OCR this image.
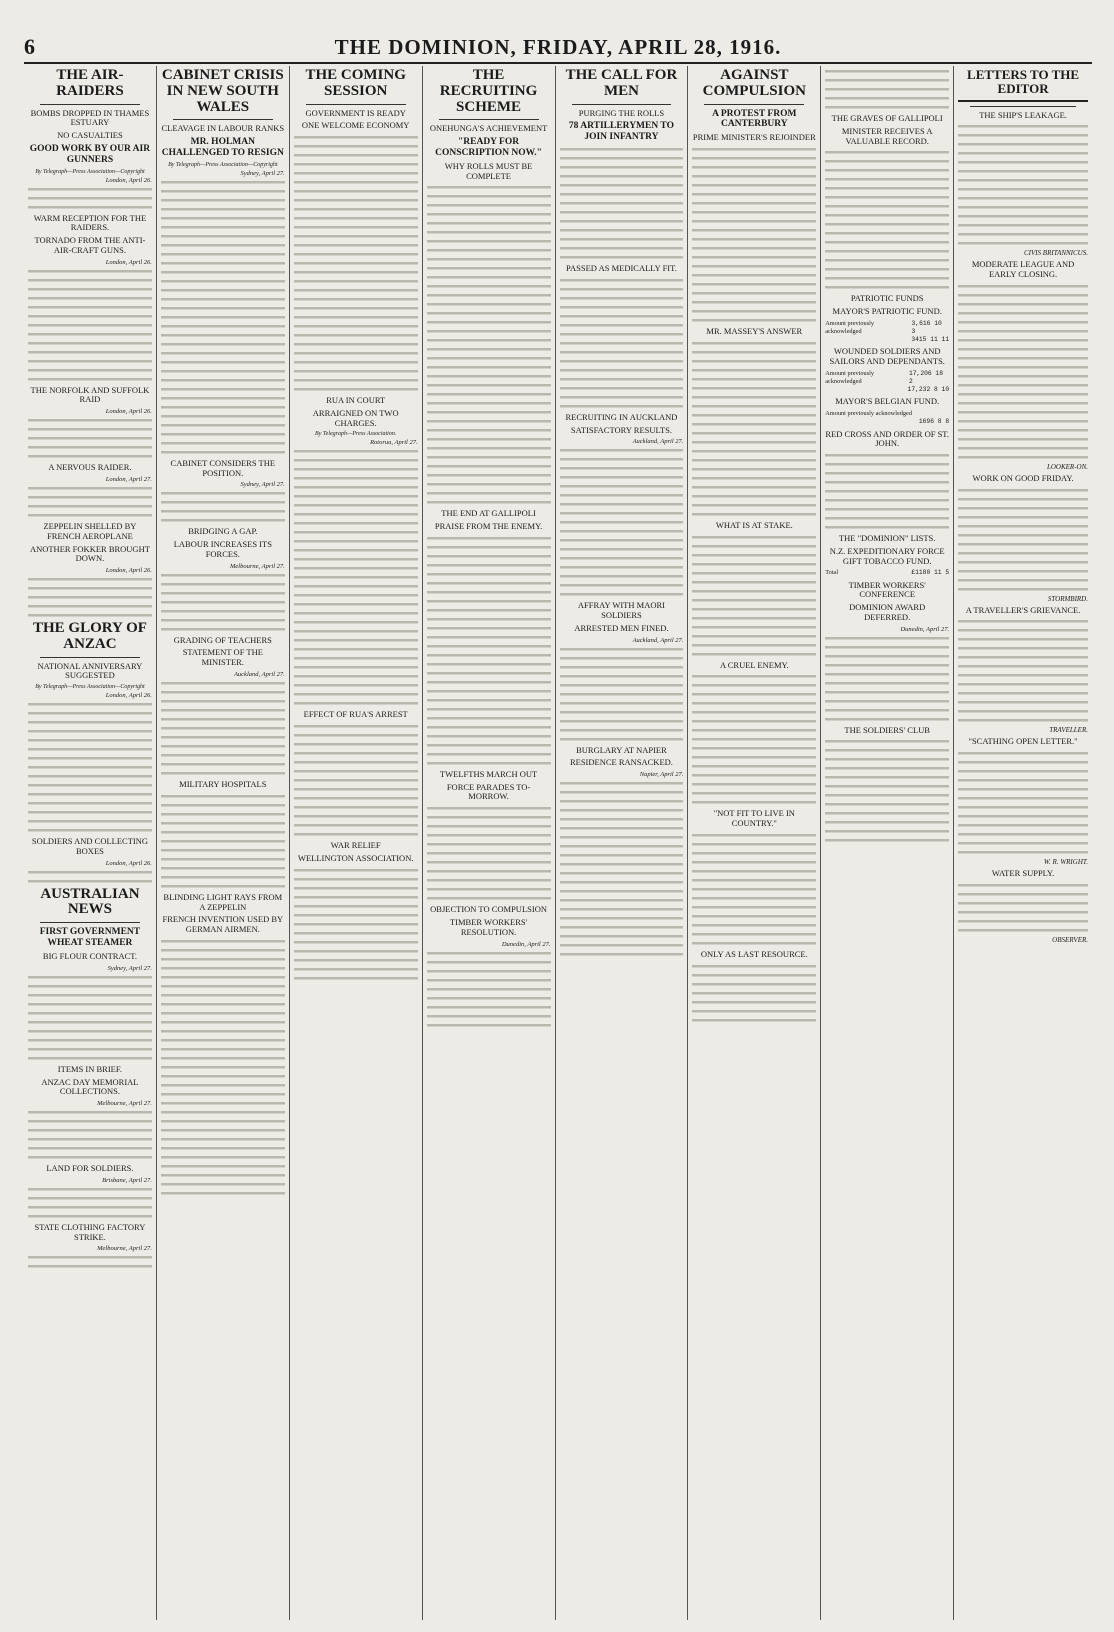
6	THE DOMINION, FRIDAY, APRIL 28, 1916.
THE AIR-RAIDERS
BOMBS DROPPED IN THAMES ESTUARY
NO CASUALTIES
GOOD WORK BY OUR AIR GUNNERS
By Telegraph—Press Association—Copyright
London, April 26.
WARM RECEPTION FOR THE RAIDERS.
TORNADO FROM THE ANTI-AIR-CRAFT GUNS.
London, April 26.
THE NORFOLK AND SUFFOLK RAID
London, April 26.
A NERVOUS RAIDER.
London, April 27.
ZEPPELIN SHELLED BY FRENCH AEROPLANE
ANOTHER FOKKER BROUGHT DOWN.
London, April 26.
THE GLORY OF ANZAC
NATIONAL ANNIVERSARY SUGGESTED
By Telegraph—Press Association—Copyright
London, April 26.
SOLDIERS AND COLLECTING BOXES
London, April 26.
AUSTRALIAN NEWS
FIRST GOVERNMENT WHEAT STEAMER
BIG FLOUR CONTRACT.
Sydney, April 27.
ITEMS IN BRIEF.
ANZAC DAY MEMORIAL COLLECTIONS.
Melbourne, April 27.
LAND FOR SOLDIERS.
Brisbane, April 27.
STATE CLOTHING FACTORY STRIKE.
Melbourne, April 27.
CABINET CRISIS IN NEW SOUTH WALES
CLEAVAGE IN LABOUR RANKS
MR. HOLMAN CHALLENGED TO RESIGN
By Telegraph—Press Association—Copyright
Sydney, April 27.
CABINET CONSIDERS THE POSITION.
Sydney, April 27.
BRIDGING A GAP.
LABOUR INCREASES ITS FORCES.
Melbourne, April 27.
GRADING OF TEACHERS
STATEMENT OF THE MINISTER.
Auckland, April 27.
MILITARY HOSPITALS
BLINDING LIGHT RAYS FROM A ZEPPELIN
FRENCH INVENTION USED BY GERMAN AIRMEN.
THE COMING SESSION
GOVERNMENT IS READY
ONE WELCOME ECONOMY
RUA IN COURT
ARRAIGNED ON TWO CHARGES.
By Telegraph—Press Association.
Rotorua, April 27.
EFFECT OF RUA'S ARREST
WAR RELIEF
WELLINGTON ASSOCIATION.
THE RECRUITING SCHEME
ONEHUNGA'S ACHIEVEMENT
"READY FOR CONSCRIPTION NOW."
WHY ROLLS MUST BE COMPLETE
THE END AT GALLIPOLI
PRAISE FROM THE ENEMY.
TWELFTHS MARCH OUT
FORCE PARADES TO-MORROW.
OBJECTION TO COMPULSION
TIMBER WORKERS' RESOLUTION.
Dunedin, April 27.
THE CALL FOR MEN
PURGING THE ROLLS
78 ARTILLERYMEN TO JOIN INFANTRY
PASSED AS MEDICALLY FIT.
RECRUITING IN AUCKLAND
SATISFACTORY RESULTS.
Auckland, April 27.
AFFRAY WITH MAORI SOLDIERS
ARRESTED MEN FINED.
Auckland, April 27.
BURGLARY AT NAPIER
RESIDENCE RANSACKED.
Napier, April 27.
AGAINST COMPULSION
A PROTEST FROM CANTERBURY
PRIME MINISTER'S REJOINDER
MR. MASSEY'S ANSWER
WHAT IS AT STAKE.
A CRUEL ENEMY.
"NOT FIT TO LIVE IN COUNTRY."
ONLY AS LAST RESOURCE.
THE GRAVES OF GALLIPOLI
MINISTER RECEIVES A VALUABLE RECORD.
PATRIOTIC FUNDS
MAYOR'S PATRIOTIC FUND.
Amount previously acknowledged
3,616 10 3
3415 11 11
WOUNDED SOLDIERS AND SAILORS AND DEPENDANTS.
Amount previously acknowledged
17,206 18 2
17,232 8 10
MAYOR'S BELGIAN FUND.
Amount previously acknowledged
1696 8 8
RED CROSS AND ORDER OF ST. JOHN.
THE "DOMINION" LISTS.
N.Z. EXPEDITIONARY FORCE GIFT TOBACCO FUND.
Total	£1180 11 5
TIMBER WORKERS' CONFERENCE
DOMINION AWARD DEFERRED.
Dunedin, April 27.
THE SOLDIERS' CLUB
LETTERS TO THE EDITOR
THE SHIP'S LEAKAGE.
CIVIS BRITANNICUS.
MODERATE LEAGUE AND EARLY CLOSING.
LOOKER-ON.
WORK ON GOOD FRIDAY.
STORMBIRD.
A TRAVELLER'S GRIEVANCE.
TRAVELLER.
"SCATHING OPEN LETTER."
W. R. WRIGHT.
WATER SUPPLY.
OBSERVER.
